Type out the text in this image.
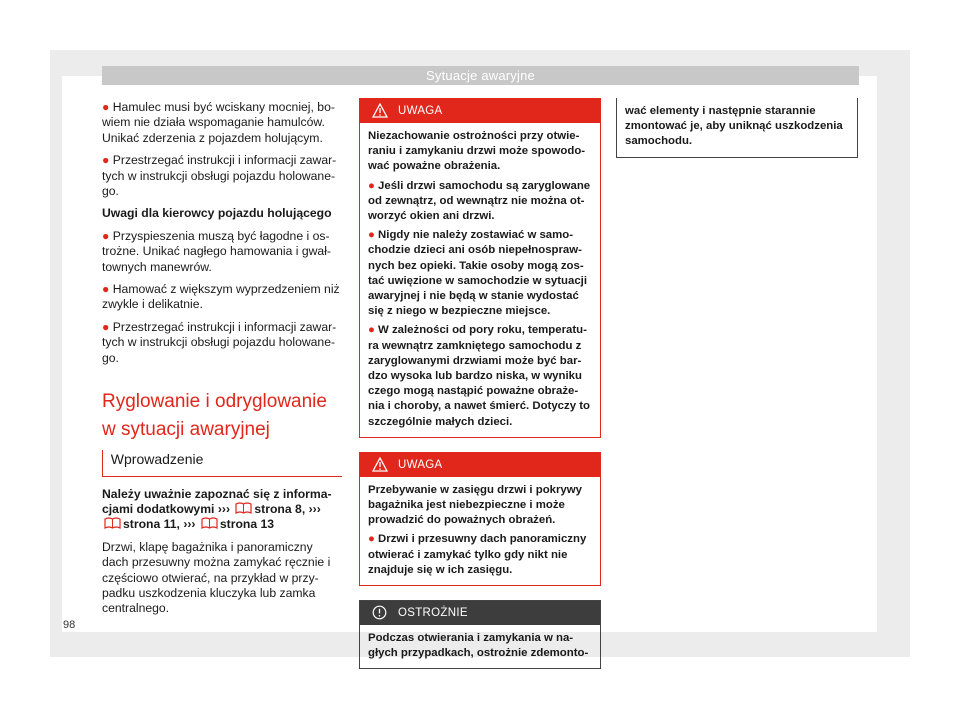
Sytuacje awaryjne

● Hamulec musi być wciskany mocniej, bo-wiem nie działa wspomaganie hamulców. Unikać zderzenia z pojazdem holującym.

● Przestrzegać instrukcji i informacji zawar-tych w instrukcji obsługi pojazdu holowane-go.

Uwagi dla kierowcy pojazdu holującego

● Przyspieszenia muszą być łagodne i os-trożne. Unikać nagłego hamowania i gwał-townych manewrów.

● Hamować z większym wyprzedzeniem niż zwykle i delikatnie.

● Przestrzegać instrukcji i informacji zawar-tych w instrukcji obsługi pojazdu holowane-go.

Ryglowanie i odryglowanie w sytuacji awaryjnej
Wprowadzenie

Należy uważnie zapoznać się z informa-cjami dodatkowymi ››› strona 8, ››› strona 11, ››› strona 13

Drzwi, klapę bagażnika i panoramiczny dach przesuwny można zamykać ręcznie i częściowo otwierać, na przykład w przy-padku uszkodzenia kluczyka lub zamka centralnego.

UWAGA

Niezachowanie ostrożności przy otwie-raniu i zamykaniu drzwi może spowodo-wać poważne obrażenia.

● Jeśli drzwi samochodu są zaryglowane od zewnątrz, od wewnątrz nie można ot-worzyć okien ani drzwi.

● Nigdy nie należy zostawiać w samo-chodzie dzieci ani osób niepełnospraw-nych bez opieki. Takie osoby mogą zos-tać uwięzione w samochodzie w sytuacji awaryjnej i nie będą w stanie wydostać się z niego w bezpieczne miejsce.

● W zależności od pory roku, temperatu-ra wewnątrz zamkniętego samochodu z zaryglowanymi drzwiami może być bar-dzo wysoka lub bardzo niska, w wyniku czego mogą nastąpić poważne obraże-nia i choroby, a nawet śmierć. Dotyczy to szczególnie małych dzieci.

UWAGA

Przebywanie w zasięgu drzwi i pokrywy bagażnika jest niebezpieczne i może prowadzić do poważnych obrażeń.

● Drzwi i przesuwny dach panoramiczny otwierać i zamykać tylko gdy nikt nie znajduje się w ich zasięgu.

OSTROŻNIE

Podczas otwierania i zamykania w na-głych przypadkach, ostrożnie zdemonto-

wać elementy i następnie starannie zmontować je, aby uniknąć uszkodzenia samochodu.

98
